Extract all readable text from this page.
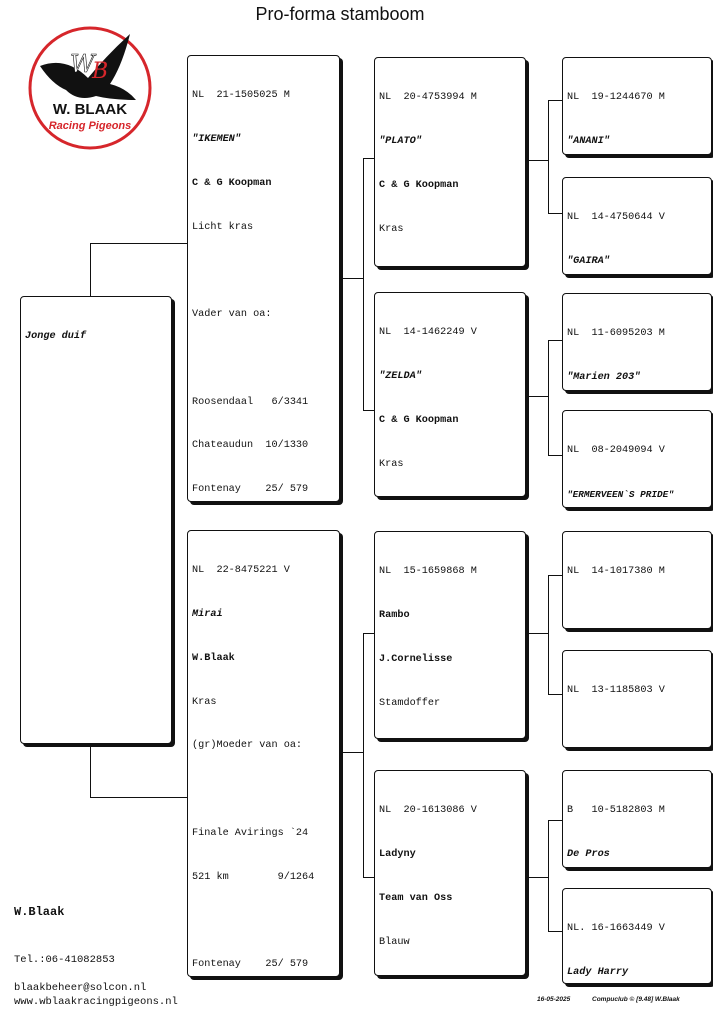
Pro-forma stamboom
W
B
W. BLAAK
Racing Pigeons

Jonge duif

NL  21-1505025 M

"IKEMEN"

C & G Koopman

Licht kras

Vader van oa:

Roosendaal   6/3341

Chateaudun  10/1330

Fontenay    25/ 579

NL  22-8475221 V

Mirai

W.Blaak

Kras

(gr)Moeder van oa:

Finale Avirings `24

521 km        9/1264

Fontenay    25/ 579

NL  20-4753994 M

"PLATO"

C & G Koopman

Kras

NL  14-1462249 V

"ZELDA"

C & G Koopman

Kras

NL  15-1659868 M

Rambo

J.Cornelisse

Stamdoffer

NL  20-1613086 V

Ladyny

Team van Oss

Blauw

NL  19-1244670 M

"ANANI"

NL  14-4750644 V

"GAIRA"

NL  11-6095203 M

"Marien 203"

NL  08-2049094 V

"ERMERVEEN`S PRIDE"

NL  14-1017380 M

NL  13-1185803 V

B   10-5182803 M

De Pros

NL. 16-1663449 V

Lady Harry

W.Blaak
Tel.:06-41082853
blaakbeheer@solcon.nl
www.wblaakracingpigeons.nl	16-05-2025	Compuclub © [9.48] W.Blaak
